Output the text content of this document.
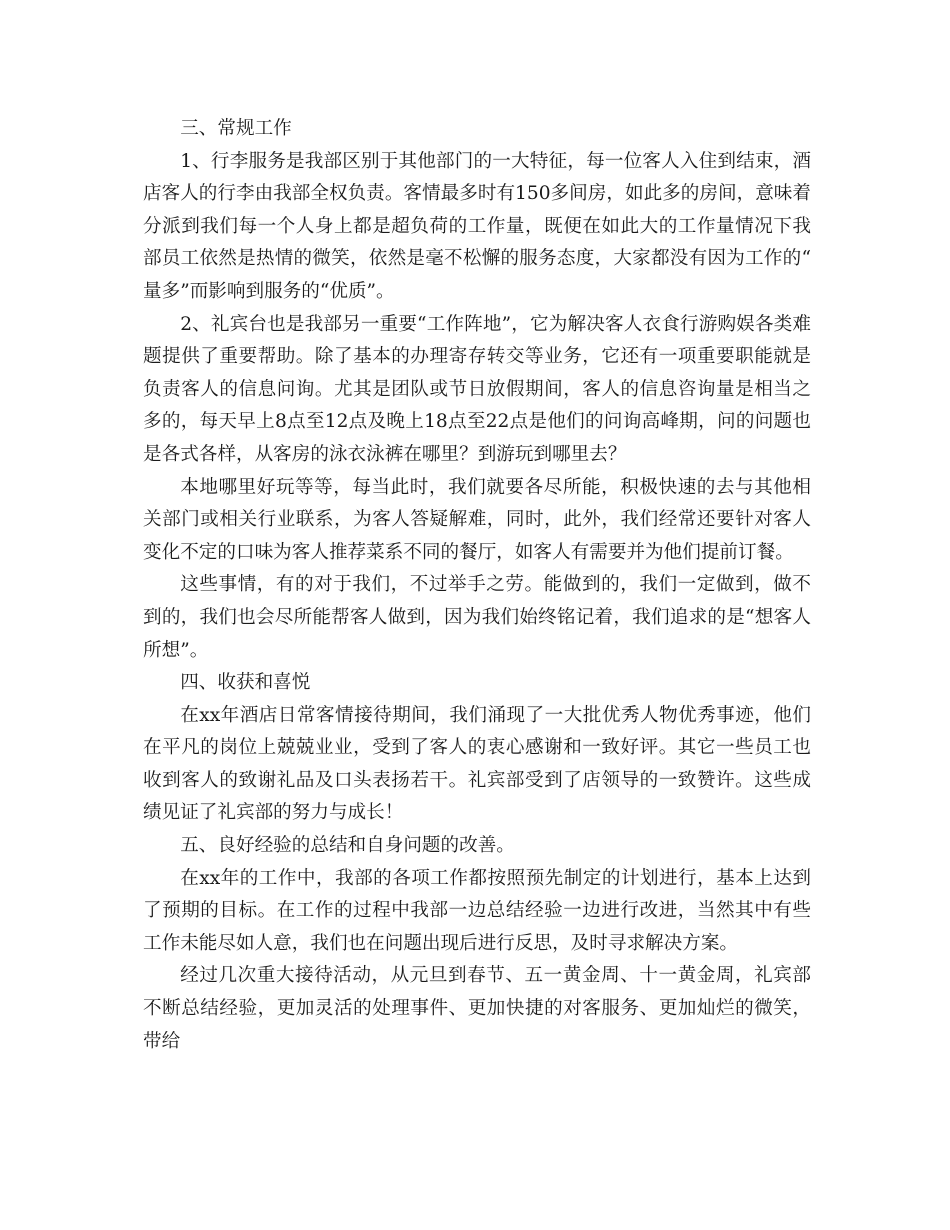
三、常规工作

1、行李服务是我部区别于其他部门的一大特征，每一位客人入住到结束，酒店客人的行李由我部全权负责。客情最多时有150多间房，如此多的房间，意味着分派到我们每一个人身上都是超负荷的工作量，既便在如此大的工作量情况下我部员工依然是热情的微笑，依然是毫不松懈的服务态度，大家都没有因为工作的“量多”而影响到服务的“优质”。

2、礼宾台也是我部另一重要“工作阵地”，它为解决客人衣食行游购娱各类难题提供了重要帮助。除了基本的办理寄存转交等业务，它还有一项重要职能就是负责客人的信息问询。尤其是团队或节日放假期间，客人的信息咨询量是相当之多的，每天早上8点至12点及晚上18点至22点是他们的问询高峰期，问的问题也是各式各样，从客房的泳衣泳裤在哪里？到游玩到哪里去？

本地哪里好玩等等，每当此时，我们就要各尽所能，积极快速的去与其他相关部门或相关行业联系，为客人答疑解难，同时，此外，我们经常还要针对客人变化不定的口味为客人推荐菜系不同的餐厅，如客人有需要并为他们提前订餐。

这些事情，有的对于我们，不过举手之劳。能做到的，我们一定做到，做不到的，我们也会尽所能帮客人做到，因为我们始终铭记着，我们追求的是“想客人所想”。

四、收获和喜悦

在xx年酒店日常客情接待期间，我们涌现了一大批优秀人物优秀事迹，他们在平凡的岗位上兢兢业业，受到了客人的衷心感谢和一致好评。其它一些员工也收到客人的致谢礼品及口头表扬若干。礼宾部受到了店领导的一致赞许。这些成绩见证了礼宾部的努力与成长！

五、良好经验的总结和自身问题的改善。

在xx年的工作中，我部的各项工作都按照预先制定的计划进行，基本上达到了预期的目标。在工作的过程中我部一边总结经验一边进行改进，当然其中有些工作未能尽如人意，我们也在问题出现后进行反思，及时寻求解决方案。

经过几次重大接待活动，从元旦到春节、五一黄金周、十一黄金周，礼宾部不断总结经验，更加灵活的处理事件、更加快捷的对客服务、更加灿烂的微笑，带给
